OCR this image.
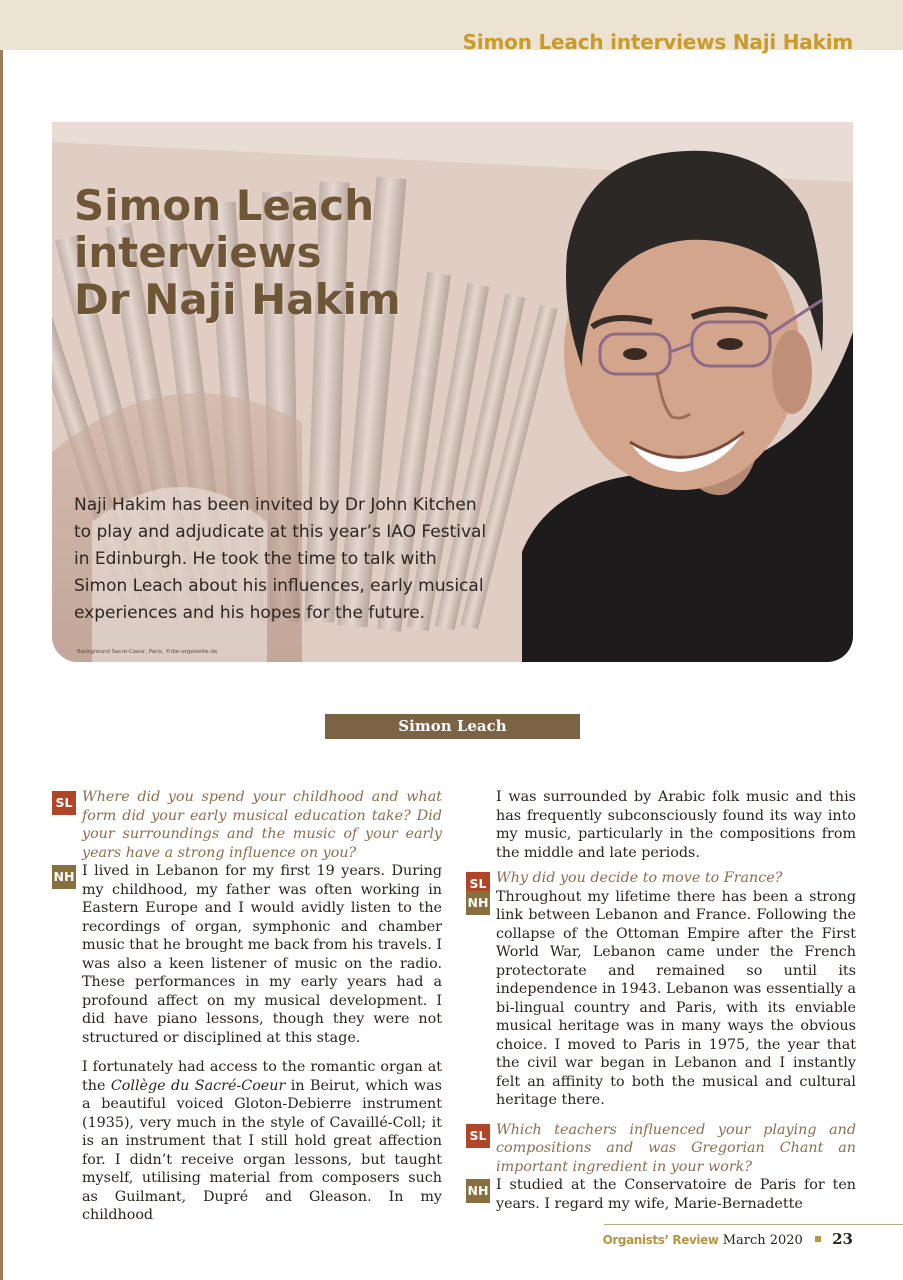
Simon Leach interviews Naji Hakim
Simon Leach
interviews
Dr Naji Hakim
Naji Hakim has been invited by Dr John Kitchen
to play and adjudicate at this year’s IAO Festival
in Edinburgh. He took the time to talk with
Simon Leach about his influences, early musical
experiences and his hopes for the future.
Background Sacre-Coeur, Paris, ©die-orgelseite.de
Simon Leach
SL Where did you spend your childhood and what form did your early musical education take? Did your surroundings and the music of your early years have a strong influence on you?

NH I lived in Lebanon for my first 19 years. During my childhood, my father was often working in Eastern Europe and I would avidly listen to the recordings of organ, symphonic and chamber music that he brought me back from his travels. I was also a keen listener of music on the radio. These performances in my early years had a profound affect on my musical development. I did have piano lessons, though they were not structured or disciplined at this stage.

I fortunately had access to the romantic organ at the Collège du Sacré-Coeur in Beirut, which was a beautiful voiced Gloton-Debierre instrument (1935), very much in the style of Cavaillé-Coll; it is an instrument that I still hold great affection for. I didn’t receive organ lessons, but taught myself, utilising material from composers such as Guilmant, Dupré and Gleason. In my childhood

I was surrounded by Arabic folk music and this has frequently subconsciously found its way into my music, particularly in the compositions from the middle and late periods.

SL Why did you decide to move to France?

NH Throughout my lifetime there has been a strong link between Lebanon and France. Following the collapse of the Ottoman Empire after the First World War, Lebanon came under the French protectorate and remained so until its independence in 1943. Lebanon was essentially a bi-lingual country and Paris, with its enviable musical heritage was in many ways the obvious choice. I moved to Paris in 1975, the year that the civil war began in Lebanon and I instantly felt an affinity to both the musical and cultural heritage there.

SL Which teachers influenced your playing and compositions and was Gregorian Chant an important ingredient in your work?

NH I studied at the Conservatoire de Paris for ten years. I regard my wife, Marie-Bernadette

Organists’ Review March 2020 23
